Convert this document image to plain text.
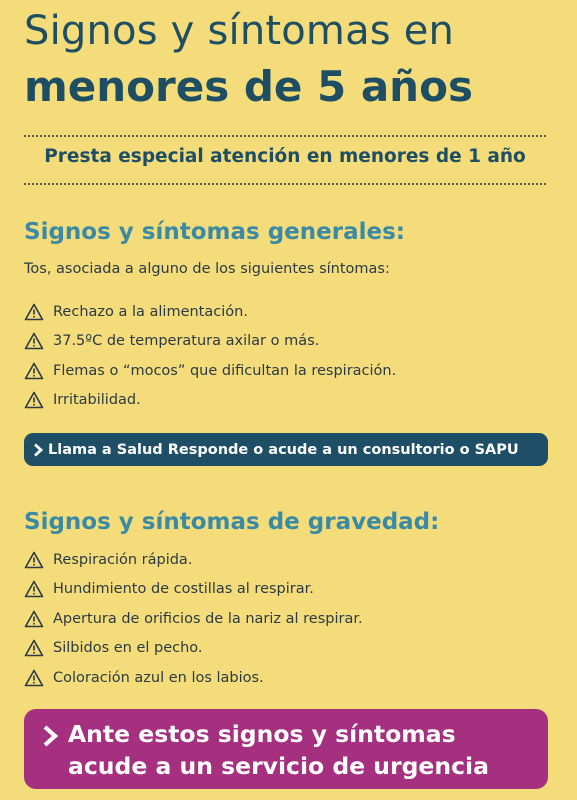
Signos y síntomas en
menores de 5 años
Presta especial atención en menores de 1 año
Signos y síntomas generales:
Tos, asociada a alguno de los siguientes síntomas:
Rechazo a la alimentación.
37.5ºC de temperatura axilar o más.
Flemas o “mocos” que dificultan la respiración.
Irritabilidad.
Llama a Salud Responde o acude a un consultorio o SAPU
Signos y síntomas de gravedad:
Respiración rápida.
Hundimiento de costillas al respirar.
Apertura de orificios de la nariz al respirar.
Silbidos en el pecho.
Coloración azul en los labios.
Ante estos signos y síntomas
acude a un servicio de urgencia
